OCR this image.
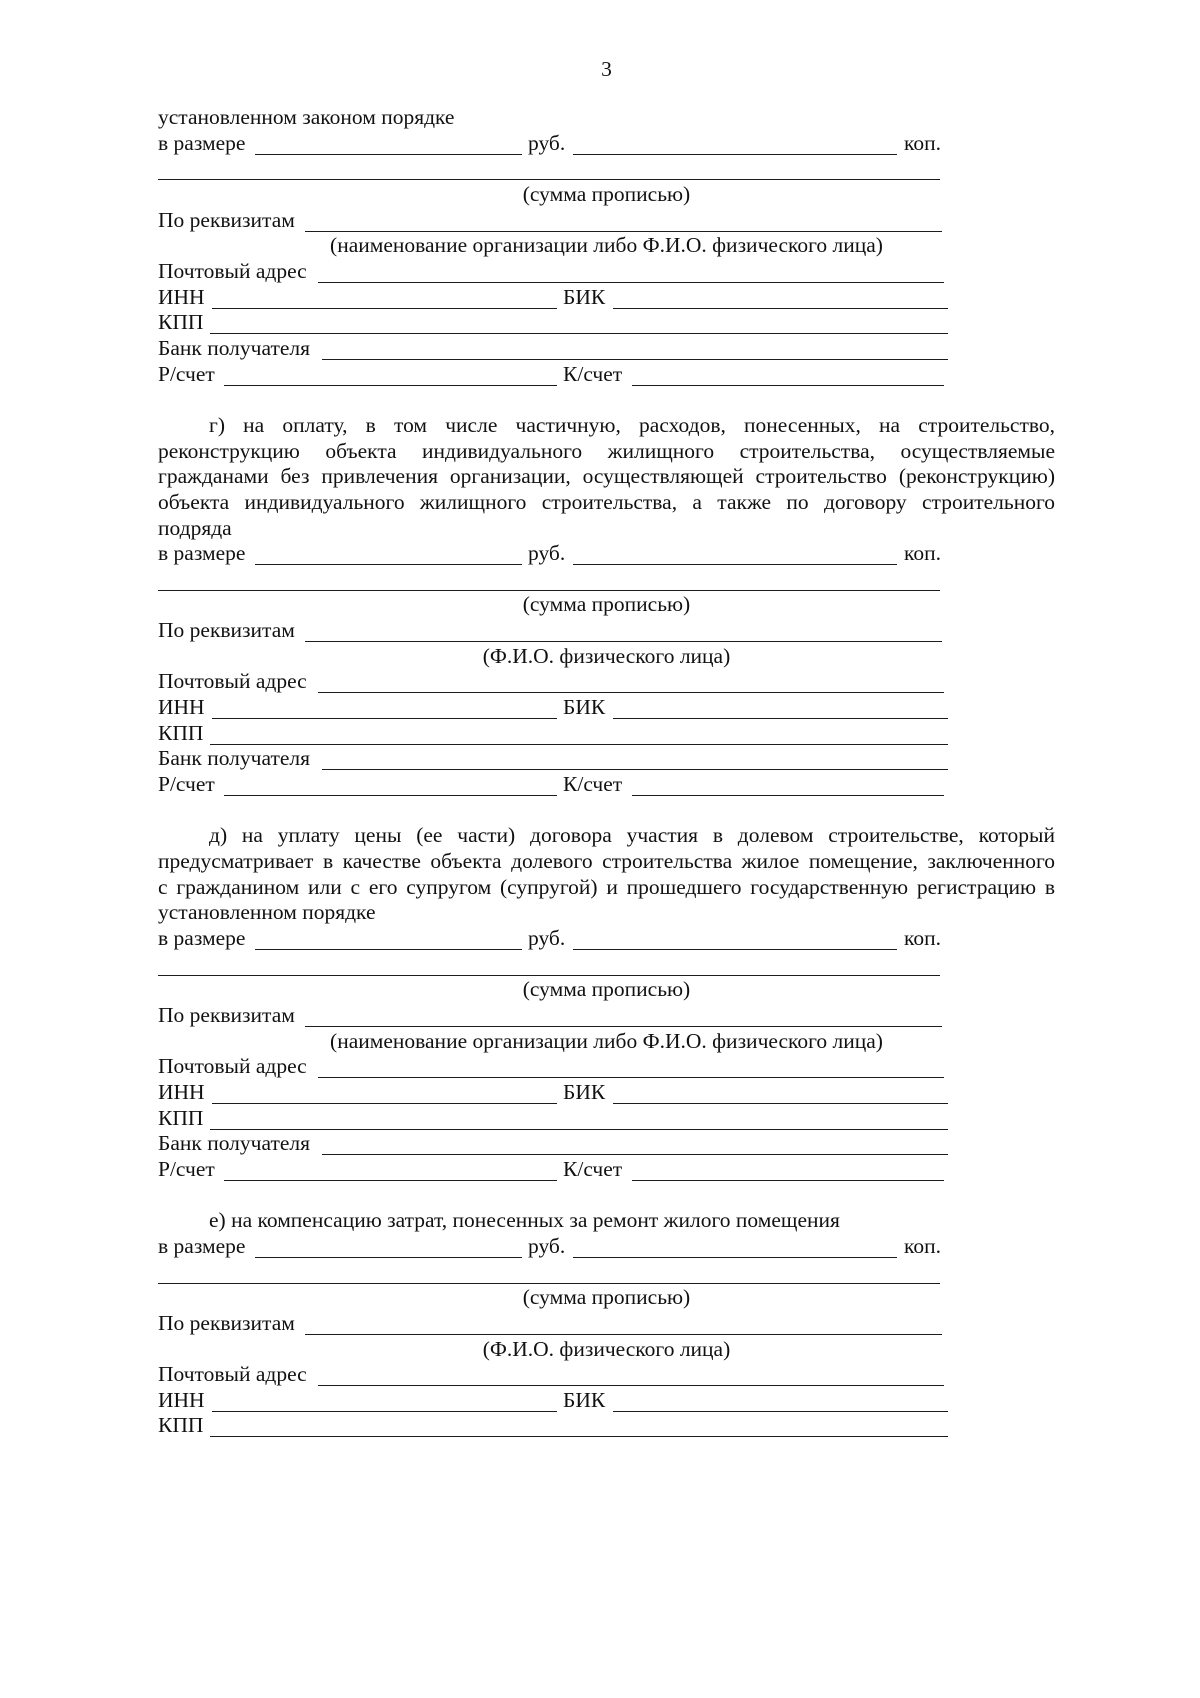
3
установленном законом порядке
в размере	руб.	коп.
(сумма прописью)
По реквизитам
(наименование организации либо Ф.И.О. физического лица)
Почтовый адрес
ИНН	БИК
КПП
Банк получателя
Р/счет	К/счет
г) на оплату, в том числе частичную, расходов, понесенных, на строительство,
реконструкцию объекта индивидуального жилищного строительства, осуществляемые
гражданами без привлечения организации, осуществляющей строительство (реконструкцию)
объекта индивидуального жилищного строительства, а также по договору строительного
подряда
в размере	руб.	коп.
(сумма прописью)
По реквизитам
(Ф.И.О. физического лица)
Почтовый адрес
ИНН	БИК
КПП
Банк получателя
Р/счет	К/счет
д) на уплату цены (ее части) договора участия в долевом строительстве, который
предусматривает в качестве объекта долевого строительства жилое помещение, заключенного
с гражданином или с его супругом (супругой) и прошедшего государственную регистрацию в
установленном порядке
в размере	руб.	коп.
(сумма прописью)
По реквизитам
(наименование организации либо Ф.И.О. физического лица)
Почтовый адрес
ИНН	БИК
КПП
Банк получателя
Р/счет	К/счет
е) на компенсацию затрат, понесенных за ремонт жилого помещения
в размере	руб.	коп.
(сумма прописью)
По реквизитам
(Ф.И.О. физического лица)
Почтовый адрес
ИНН	БИК
КПП
